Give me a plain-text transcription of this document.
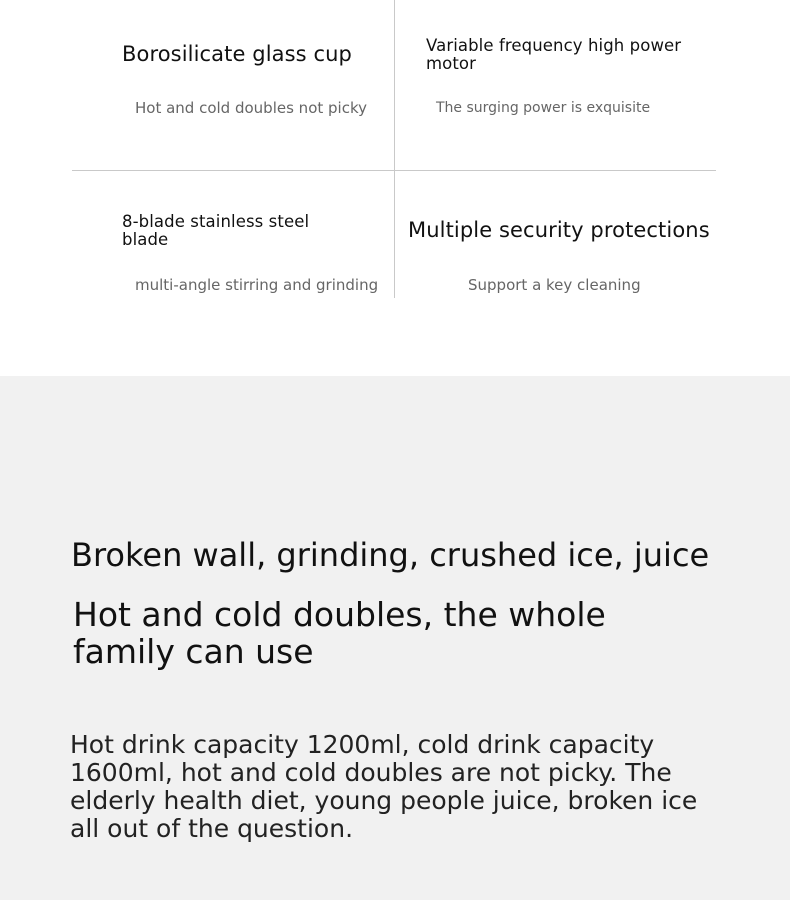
Borosilicate glass cup

Hot and cold doubles not picky

Variable frequency high power motor

The surging power is exquisite

8-blade stainless steel blade

multi-angle stirring and grinding

Multiple security protections

Support a key cleaning

Broken wall, grinding, crushed ice, juice
Hot and cold doubles, the whole family can use

Hot drink capacity 1200ml, cold drink capacity 1600ml, hot and cold doubles are not picky. The elderly health diet, young people juice, broken ice all out of the question.
